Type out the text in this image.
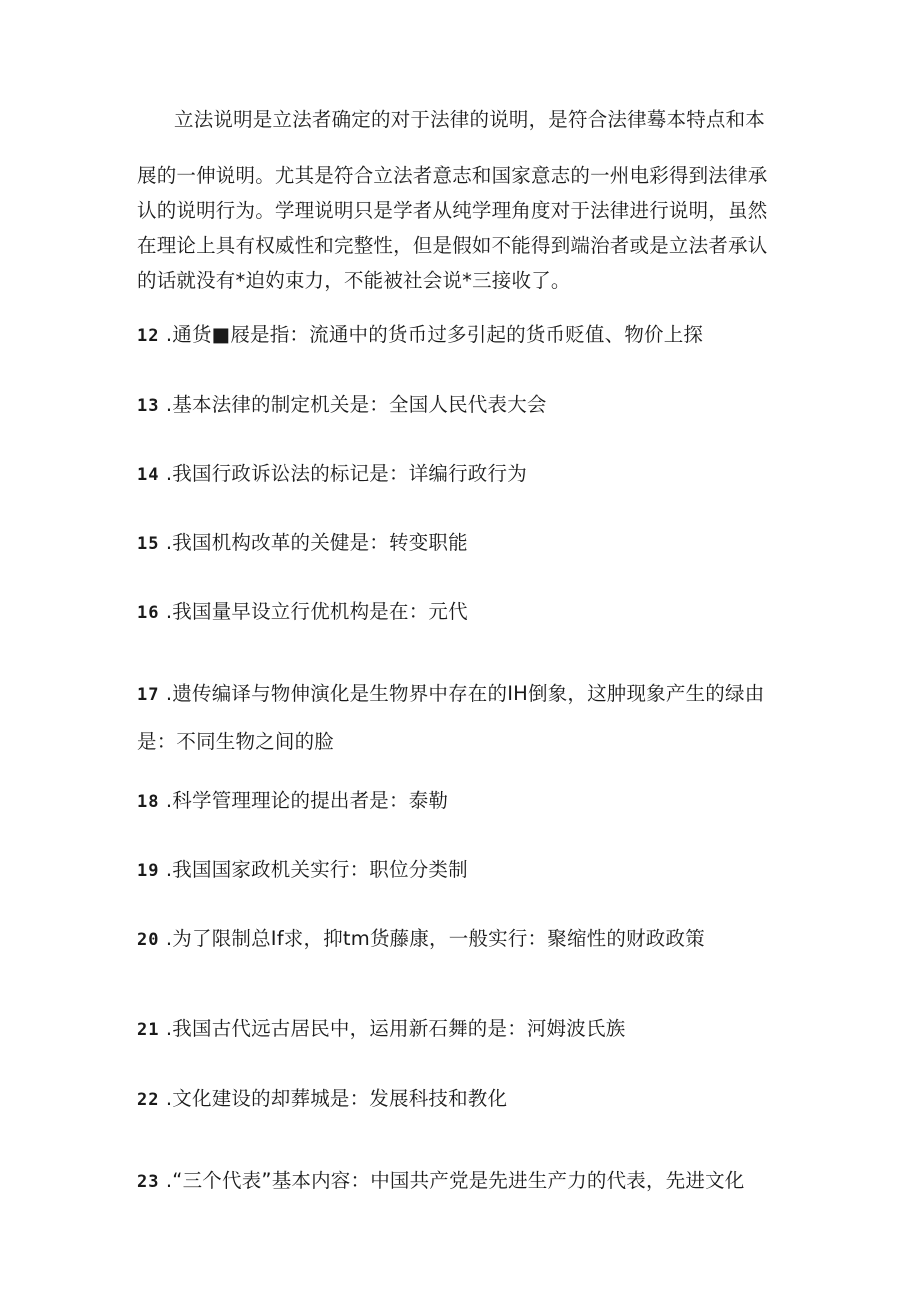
立法说明是立法者确定的对于法律的说明，是符合法律蓦本特点和本
展的一伸说明。尤其是符合立法者意志和国家意志的一州电彩得到法律承
认的说明行为。学理说明只是学者从纯学理角度对于法律进行说明，虽然
在理论上具有权威性和完整性，但是假如不能得到端治者或是立法者承认
的话就没有*迫妁束力，不能被社会说*三接收了。
12 .通货■屐是指：流通中的货币过多引起的货币贬值、物价上探
13 .基本法律的制定机关是：全国人民代表大会
14 .我国行政诉讼法的标记是：详编行政行为
15 .我国机构改革的关健是：转变职能
16 .我国量早设立行优机构是在：元代
17 .遗传编译与物伸演化是生物界中存在的IH倒象，这肿现象产生的绿由
是：不同生物之间的脸
18 .科学管理理论的提出者是：泰勒
19 .我国国家政机关实行：职位分类制
20 .为了限制总If求，抑tm货藤康，一般实行：聚缩性的财政政策
21 .我国古代远古居民中，运用新石舞的是：河姆波氏族
22 .文化建设的却葬城是：发展科技和教化
23 .“三个代表”基本内容：中国共产党是先进生产力的代表，先进文化
